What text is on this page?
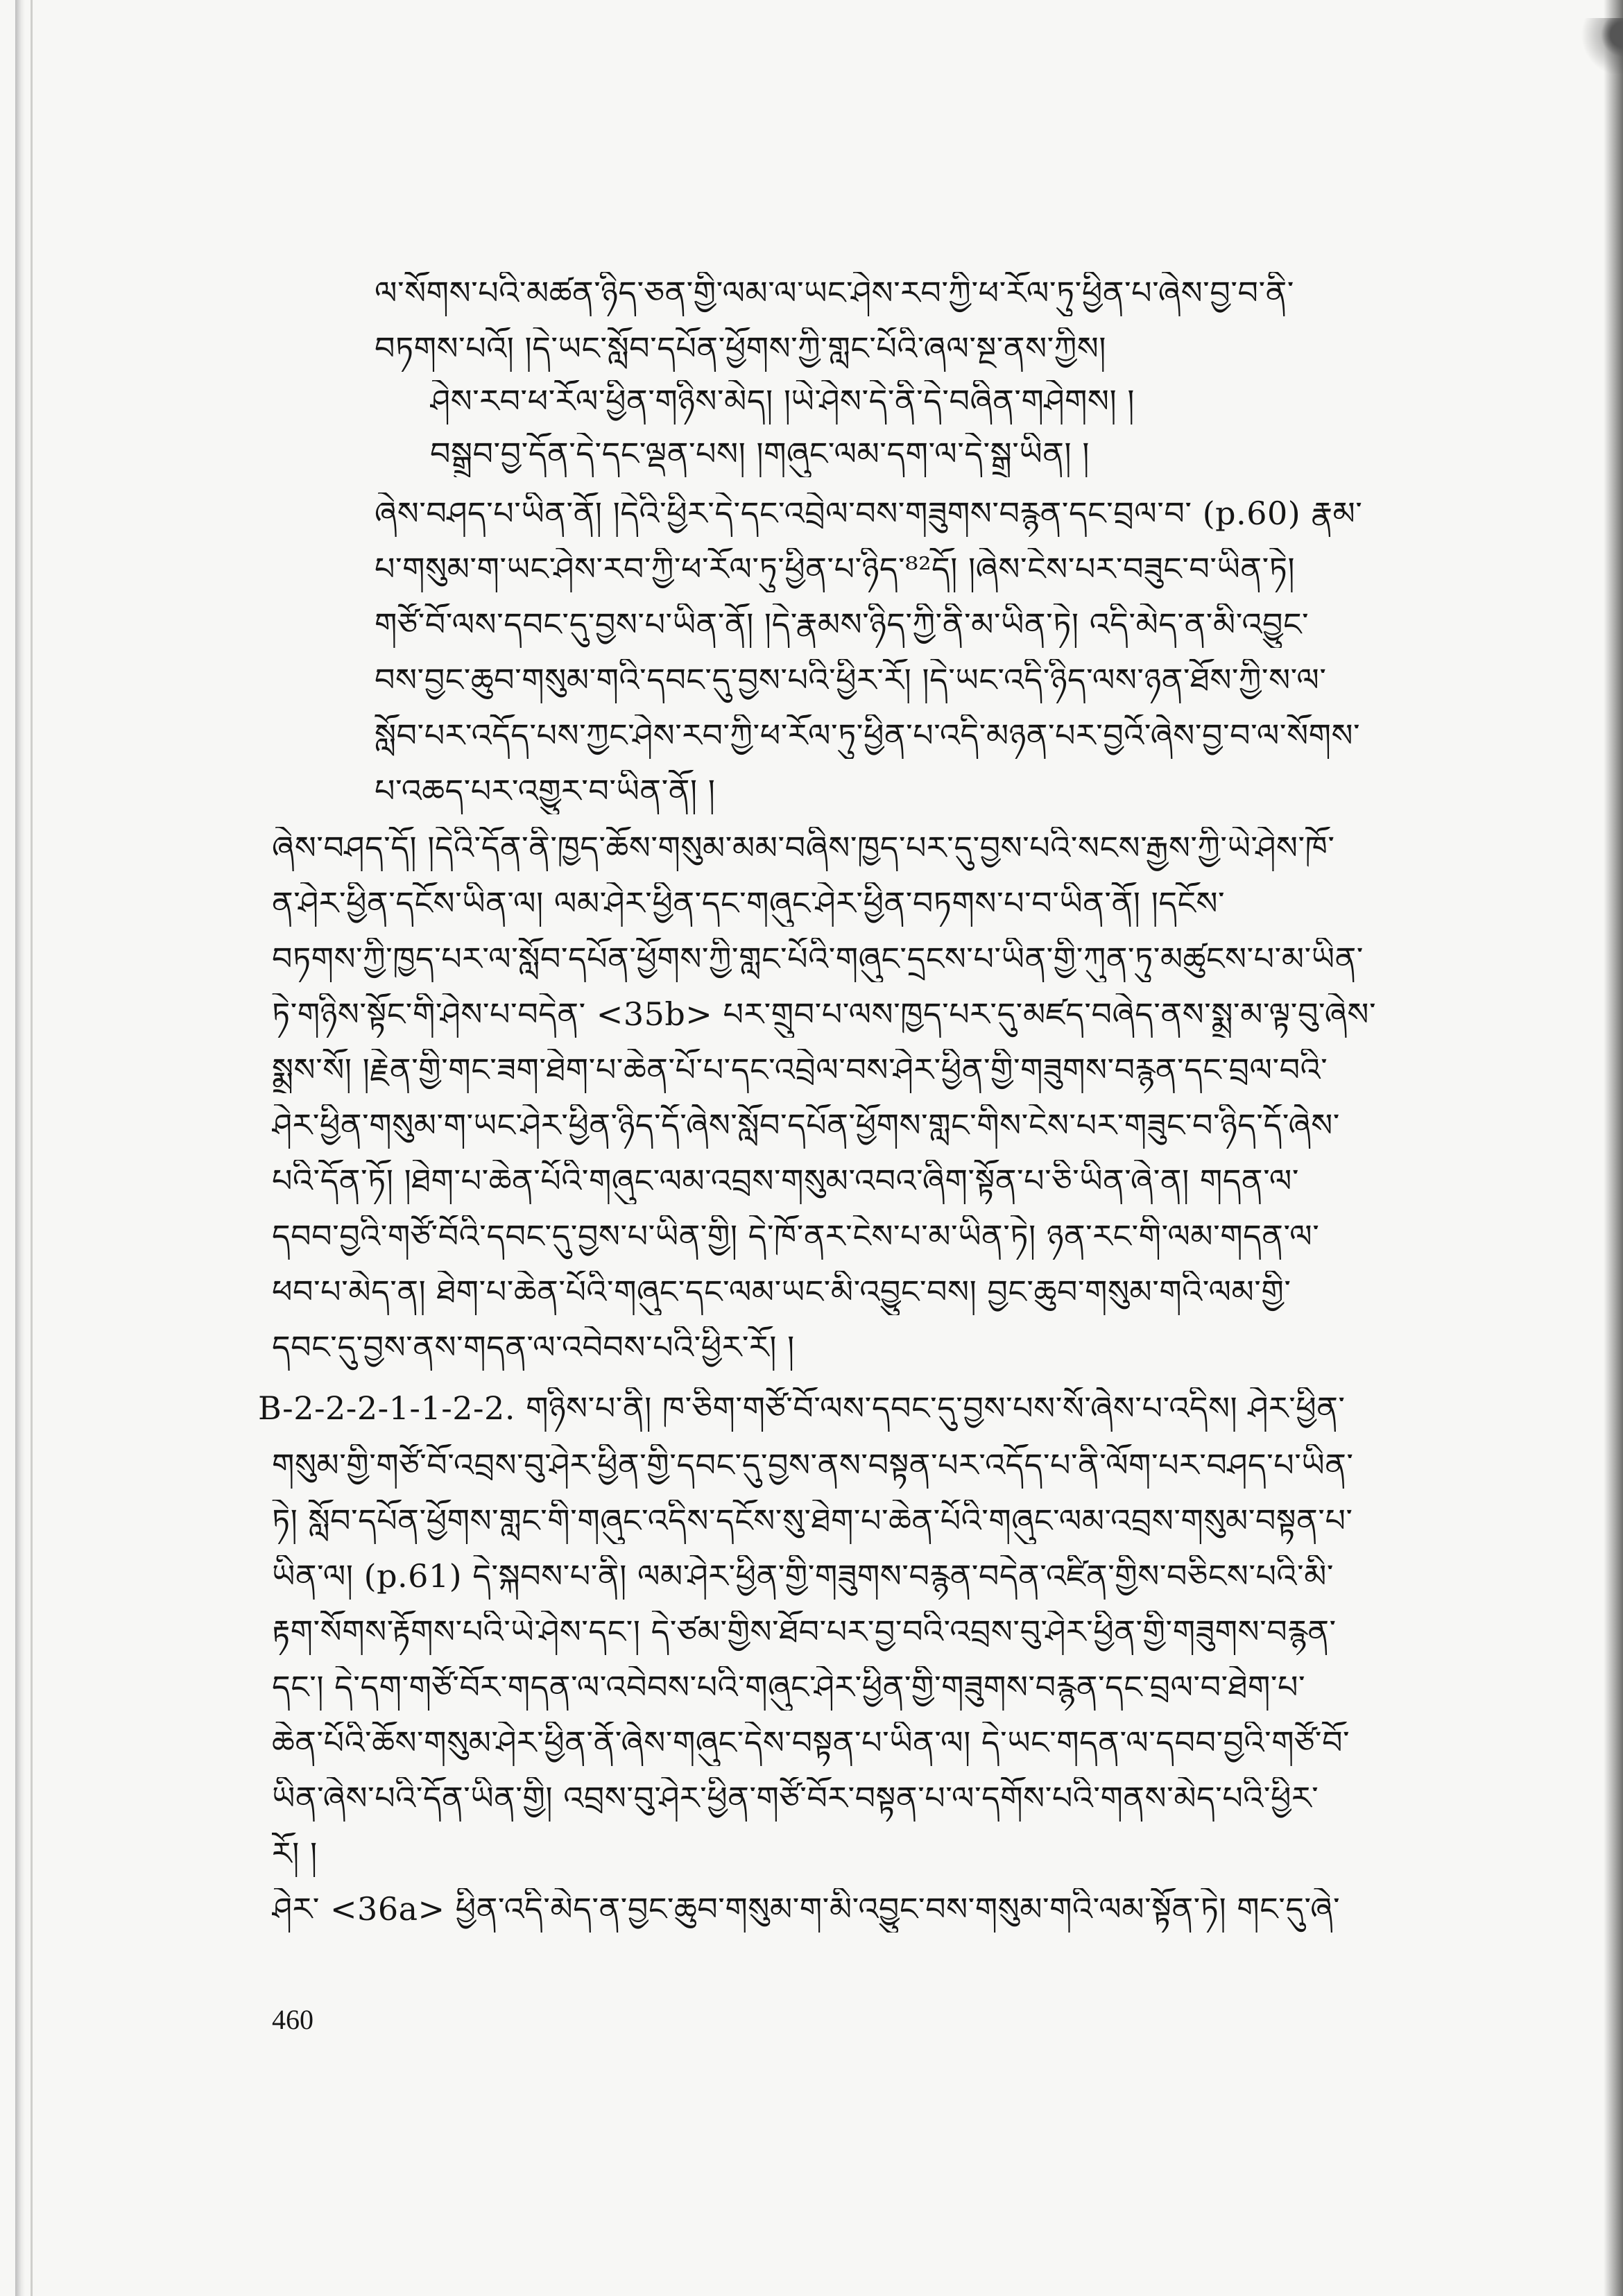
ལ་སོགས་པའི་མཚན་ཉིད་ཅན་གྱི་ལམ་ལ་ཡང་ཤེས་རབ་ཀྱི་ཕ་རོལ་ཏུ་ཕྱིན་པ་ཞེས་བྱ་བ་ནི་
བཏགས་པའོ། །དེ་ཡང་སློབ་དཔོན་ཕྱོགས་ཀྱི་གླང་པོའི་ཞལ་སྔ་ནས་ཀྱིས།
ཤེས་རབ་ཕ་རོལ་ཕྱིན་གཉིས་མེད། །ཡེ་ཤེས་དེ་ནི་དེ་བཞིན་གཤེགས། །
བསྒྲུབ་བྱ་དོན་དེ་དང་ལྡན་པས། །གཞུང་ལམ་དག་ལ་དེ་སྒྲ་ཡིན། །
ཞེས་བཤད་པ་ཡིན་ནོ། །དེའི་ཕྱིར་དེ་དང་འབྲེལ་བས་གཟུགས་བརྙན་དང་བྲལ་བ་ (p.60) རྣམ་
པ་གསུམ་ག་ཡང་ཤེས་རབ་ཀྱི་ཕ་རོལ་ཏུ་ཕྱིན་པ་ཉིད་⁸²དོ། །ཞེས་ངེས་པར་བཟུང་བ་ཡིན་ཏེ།
གཙོ་བོ་ལས་དབང་དུ་བྱས་པ་ཡིན་ནོ། །དེ་རྣམས་ཉིད་ཀྱི་ནི་མ་ཡིན་ཏེ། འདི་མེད་ན་མི་འབྱུང་
བས་བྱང་ཆུབ་གསུམ་གའི་དབང་དུ་བྱས་པའི་ཕྱིར་རོ། །དེ་ཡང་འདི་ཉིད་ལས་ཉན་ཐོས་ཀྱི་ས་ལ་
སློབ་པར་འདོད་པས་ཀྱང་ཤེས་རབ་ཀྱི་ཕ་རོལ་ཏུ་ཕྱིན་པ་འདི་མཉན་པར་བྱའོ་ཞེས་བྱ་བ་ལ་སོགས་
པ་འཆད་པར་འགྱུར་བ་ཡིན་ནོ། །
ཞེས་བཤད་དོ། །དེའི་དོན་ནི་ཁྱད་ཆོས་གསུམ་མམ་བཞིས་ཁྱད་པར་དུ་བྱས་པའི་སངས་རྒྱས་ཀྱི་ཡེ་ཤེས་ཁོ་
ན་ཤེར་ཕྱིན་དངོས་ཡིན་ལ། ལམ་ཤེར་ཕྱིན་དང་གཞུང་ཤེར་ཕྱིན་བཏགས་པ་བ་ཡིན་ནོ། །དངོས་
བཏགས་ཀྱི་ཁྱད་པར་ལ་སློབ་དཔོན་ཕྱོགས་ཀྱི་གླང་པོའི་གཞུང་དྲངས་པ་ཡིན་གྱི་ཀུན་ཏུ་མཚུངས་པ་མ་ཡིན་
ཏེ་གཉིས་སྟོང་གི་ཤེས་པ་བདེན་ <35b> པར་གྲུབ་པ་ལས་ཁྱད་པར་དུ་མཛད་བཞེད་ནས་སྨྲ་མ་ལྟ་བུ་ཞེས་
སྨྲས་སོ། །རྗེན་གྱི་གང་ཟག་ཐེག་པ་ཆེན་པོ་པ་དང་འབྲེལ་བས་ཤེར་ཕྱིན་གྱི་གཟུགས་བརྙན་དང་བྲལ་བའི་
ཤེར་ཕྱིན་གསུམ་ག་ཡང་ཤེར་ཕྱིན་ཉིད་དོ་ཞེས་སློབ་དཔོན་ཕྱོགས་གླང་གིས་ངེས་པར་གཟུང་བ་ཉིད་དོ་ཞེས་
པའི་དོན་ཏོ། །ཐེག་པ་ཆེན་པོའི་གཞུང་ལམ་འབྲས་གསུམ་འབའ་ཞིག་སྟོན་པ་ཅི་ཡིན་ཞེ་ན། གདན་ལ་
དབབ་བྱའི་གཙོ་བོའི་དབང་དུ་བྱས་པ་ཡིན་གྱི། དེ་ཁོ་ནར་ངེས་པ་མ་ཡིན་ཏེ། ཉན་རང་གི་ལམ་གདན་ལ་
ཕབ་པ་མེད་ན། ཐེག་པ་ཆེན་པོའི་གཞུང་དང་ལམ་ཡང་མི་འབྱུང་བས། བྱང་ཆུབ་གསུམ་གའི་ལམ་གྱི་
དབང་དུ་བྱས་ནས་གདན་ལ་འབེབས་པའི་ཕྱིར་རོ། །
B-2-2-2-1-1-2-2. གཉིས་པ་ནི། ཁ་ཅིག་གཙོ་བོ་ལས་དབང་དུ་བྱས་པས་སོ་ཞེས་པ་འདིས། ཤེར་ཕྱིན་
གསུམ་གྱི་གཙོ་བོ་འབྲས་བུ་ཤེར་ཕྱིན་གྱི་དབང་དུ་བྱས་ནས་བསྟན་པར་འདོད་པ་ནི་ལོག་པར་བཤད་པ་ཡིན་
ཏེ། སློབ་དཔོན་ཕྱོགས་གླང་གི་གཞུང་འདིས་དངོས་སུ་ཐེག་པ་ཆེན་པོའི་གཞུང་ལམ་འབྲས་གསུམ་བསྟན་པ་
ཡིན་ལ། (p.61) དེ་སྐབས་པ་ནི། ལམ་ཤེར་ཕྱིན་གྱི་གཟུགས་བརྙན་བདེན་འཛིན་གྱིས་བཅིངས་པའི་མི་
རྟག་སོགས་རྟོགས་པའི་ཡེ་ཤེས་དང་། དེ་ཙམ་གྱིས་ཐོབ་པར་བྱ་བའི་འབྲས་བུ་ཤེར་ཕྱིན་གྱི་གཟུགས་བརྙན་
དང་། དེ་དག་གཙོ་བོར་གདན་ལ་འབེབས་པའི་གཞུང་ཤེར་ཕྱིན་གྱི་གཟུགས་བརྙན་དང་བྲལ་བ་ཐེག་པ་
ཆེན་པོའི་ཆོས་གསུམ་ཤེར་ཕྱིན་ནོ་ཞེས་གཞུང་དེས་བསྟན་པ་ཡིན་ལ། དེ་ཡང་གདན་ལ་དབབ་བྱའི་གཙོ་བོ་
ཡིན་ཞེས་པའི་དོན་ཡིན་གྱི། འབྲས་བུ་ཤེར་ཕྱིན་གཙོ་བོར་བསྟན་པ་ལ་དགོས་པའི་གནས་མེད་པའི་ཕྱིར་
རོ། །
ཤེར་ <36a> ཕྱིན་འདི་མེད་ན་བྱང་ཆུབ་གསུམ་ག་མི་འབྱུང་བས་གསུམ་གའི་ལམ་སྟོན་ཏེ། གང་དུ་ཞེ་
460
